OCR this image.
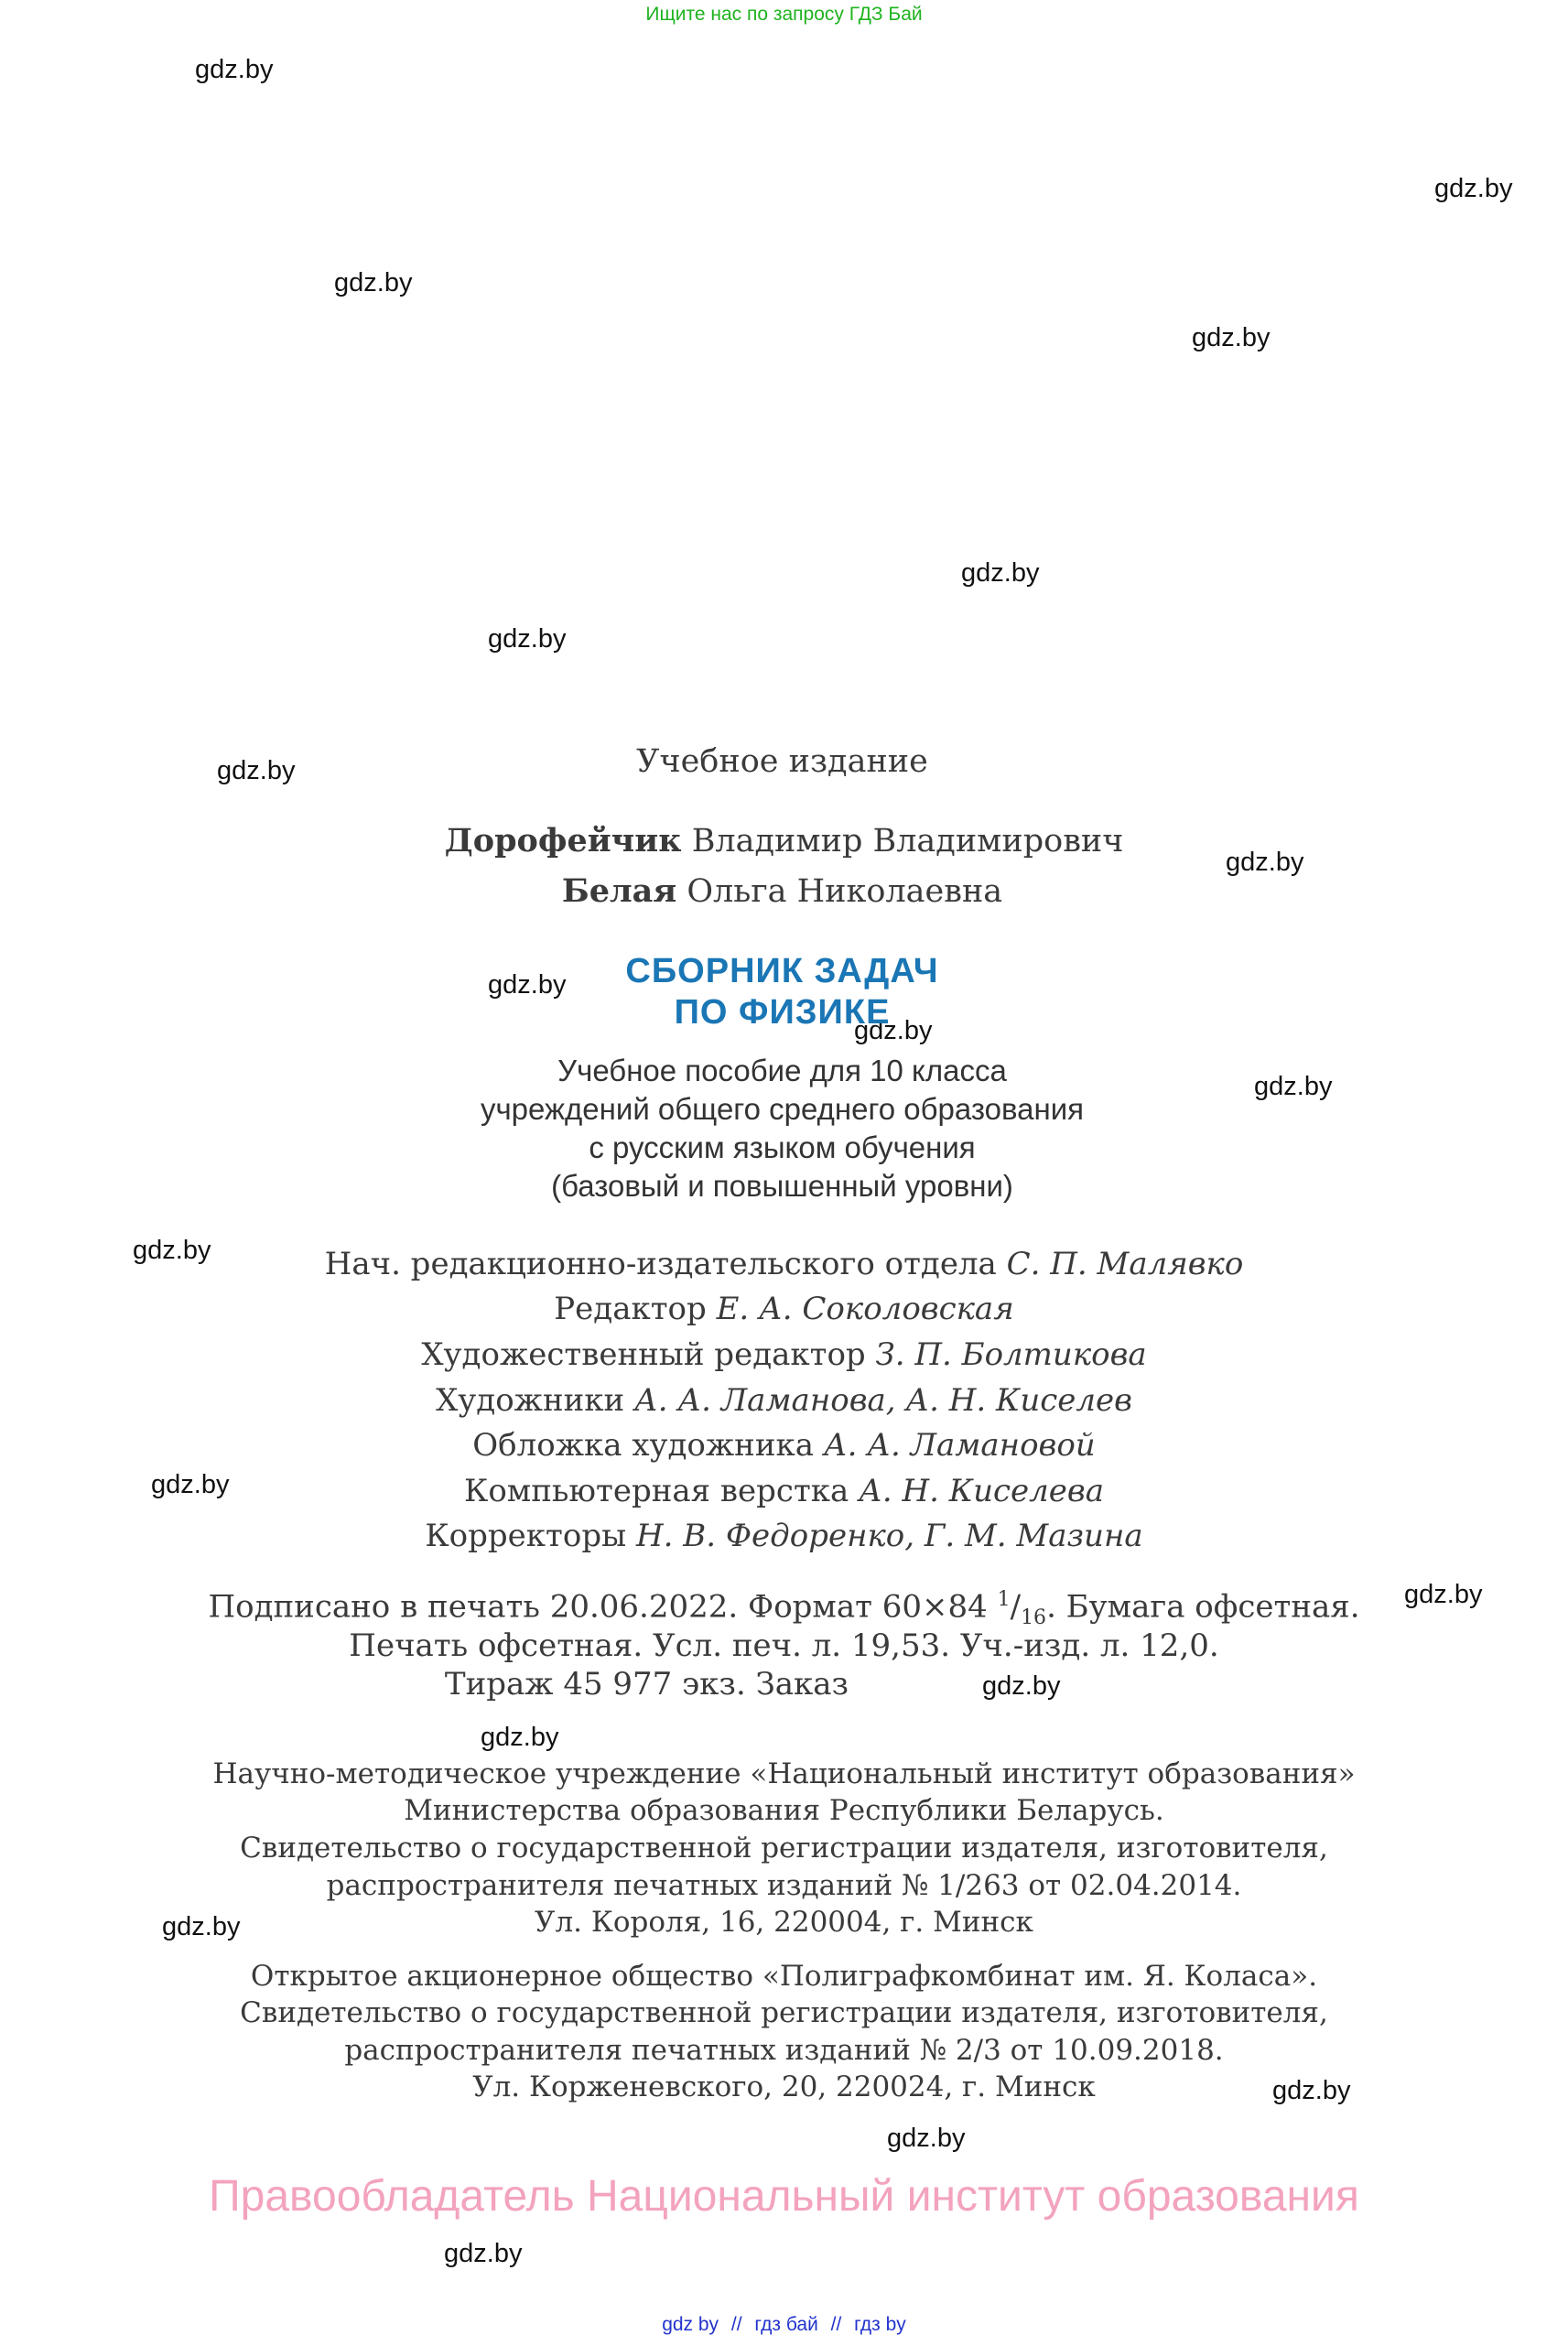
Ищите нас по запросу ГДЗ Бай
gdz.by
gdz.by
gdz.by
gdz.by
gdz.by
gdz.by
gdz.by
gdz.by
gdz.by
gdz.by
gdz.by
gdz.by
gdz.by
gdz.by
gdz.by
gdz.by
gdz.by
gdz.by
gdz.by
gdz.by
Учебное издание
Дорофейчик Владимир Владимирович
Белая Ольга Николаевна
СБОРНИК ЗАДАЧ
ПО ФИЗИКЕ
Учебное пособие для 10 класса
учреждений общего среднего образования
с русским языком обучения
(базовый и повышенный уровни)
Нач. редакционно-издательского отдела С. П. Малявко
Редактор Е. А. Соколовская
Художественный редактор З. П. Болтикова
Художники А. А. Ламанова, А. Н. Киселев
Обложка художника А. А. Ламановой
Компьютерная верстка А. Н. Киселева
Корректоры Н. В. Федоренко, Г. М. Мазина
Подписано в печать 20.06.2022. Формат 60×84 $^1/_{16}$. Бумага офсетная.
Печать офсетная. Усл. печ. л. 19,53. Уч.-изд. л. 12,0.
Тираж 45 977 экз. Заказ
Научно-методическое учреждение «Национальный институт образования»
Министерства образования Республики Беларусь.
Свидетельство о государственной регистрации издателя, изготовителя,
распространителя печатных изданий № 1/263 от 02.04.2014.
Ул. Короля, 16, 220004, г. Минск
Открытое акционерное общество «Полиграфкомбинат им. Я. Коласа».
Свидетельство о государственной регистрации издателя, изготовителя,
распространителя печатных изданий № 2/3 от 10.09.2018.
Ул. Корженевского, 20, 220024, г. Минск
Правообладатель Национальный институт образования
gdz by // гдз бай // гдз by
